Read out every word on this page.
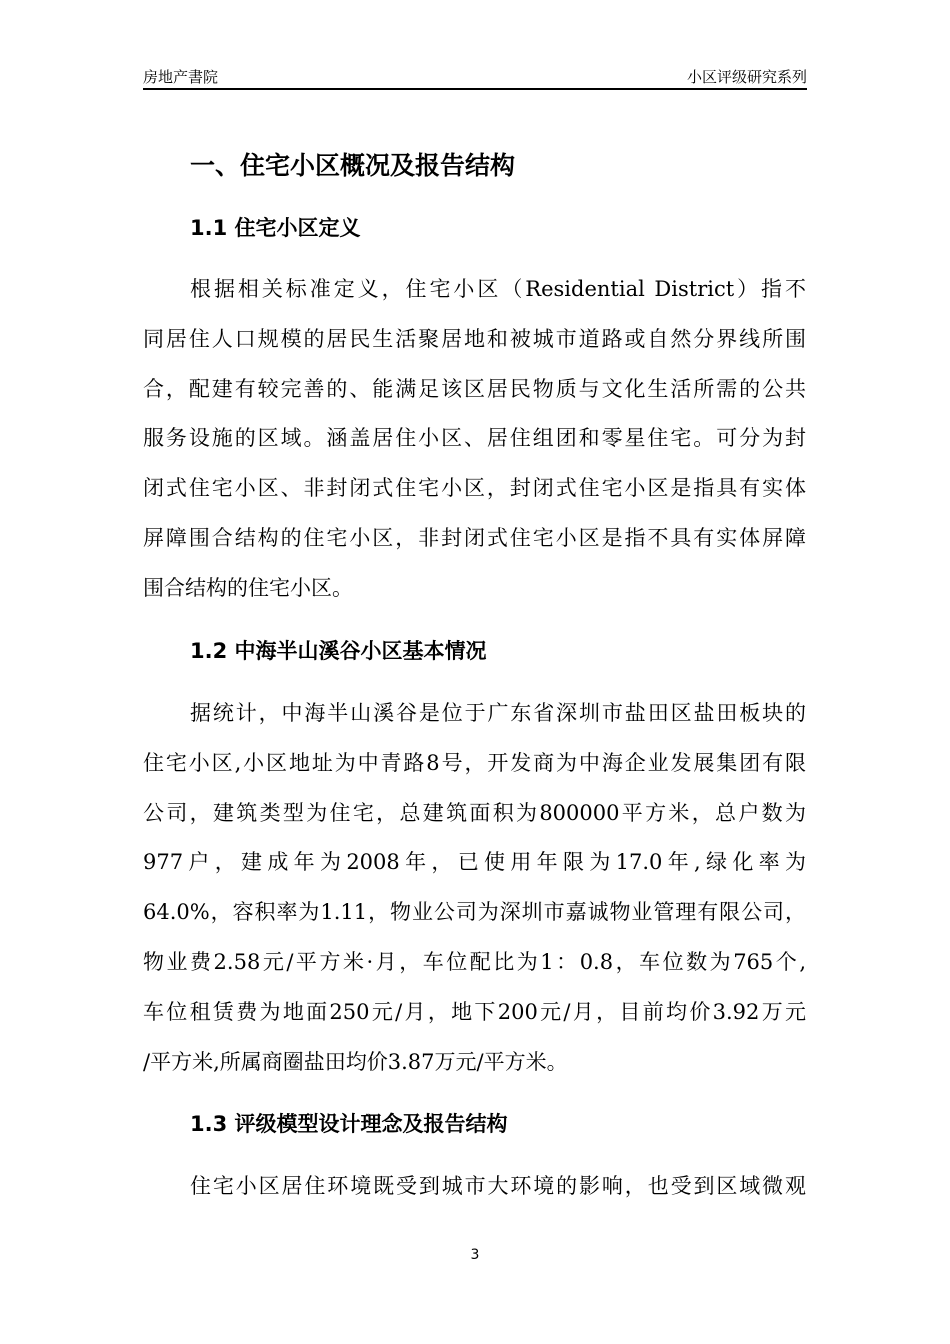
房地产書院	小区评级研究系列
一、住宅小区概况及报告结构
1.1 住宅小区定义
根据相关标准定义，住宅小区（Residential District）指不
同居住人口规模的居民生活聚居地和被城市道路或自然分界线所围
合，配建有较完善的、能满足该区居民物质与文化生活所需的公共
服务设施的区域。涵盖居住小区、居住组团和零星住宅。可分为封
闭式住宅小区、非封闭式住宅小区，封闭式住宅小区是指具有实体
屏障围合结构的住宅小区，非封闭式住宅小区是指不具有实体屏障
围合结构的住宅小区。
1.2 中海半山溪谷小区基本情况
据统计，中海半山溪谷是位于广东省深圳市盐田区盐田板块的
住宅小区,小区地址为中青路8号，开发商为中海企业发展集团有限
公司，建筑类型为住宅，总建筑面积为800000平方米，总户数为
977户，建成年为2008年，已使用年限为17.0年,绿化率为
64.0%，容积率为1.11，物业公司为深圳市嘉诚物业管理有限公司，
物业费2.58元/平方米·月，车位配比为1：0.8，车位数为765个,
车位租赁费为地面250元/月，地下200元/月，目前均价3.92万元
/平方米,所属商圈盐田均价3.87万元/平方米。
1.3 评级模型设计理念及报告结构
住宅小区居住环境既受到城市大环境的影响，也受到区域微观
3
